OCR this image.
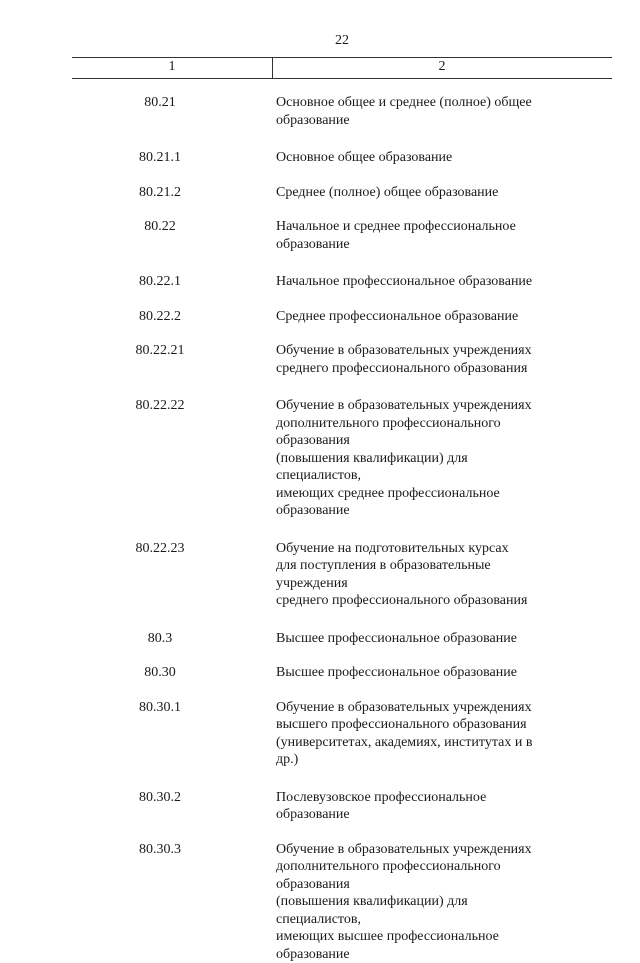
22
1	2
80.21	Основное общее и среднее (полное) общее
образование
80.21.1	Основное общее образование
80.21.2	Среднее (полное) общее образование
80.22	Начальное и среднее профессиональное
образование
80.22.1	Начальное профессиональное образование
80.22.2	Среднее профессиональное образование
80.22.21	Обучение в образовательных учреждениях
среднего профессионального образования
80.22.22	Обучение в образовательных учреждениях
дополнительного профессионального образования
(повышения квалификации) для специалистов,
имеющих среднее профессиональное образование
80.22.23	Обучение на подготовительных курсах
для поступления в образовательные учреждения
среднего профессионального образования
80.3	Высшее профессиональное образование
80.30	Высшее профессиональное образование
80.30.1	Обучение в образовательных учреждениях
высшего профессионального образования
(университетах, академиях, институтах и в др.)
80.30.2	Послевузовское профессиональное образование
80.30.3	Обучение в образовательных учреждениях
дополнительного профессионального образования
(повышения квалификации) для специалистов,
имеющих высшее профессиональное образование
